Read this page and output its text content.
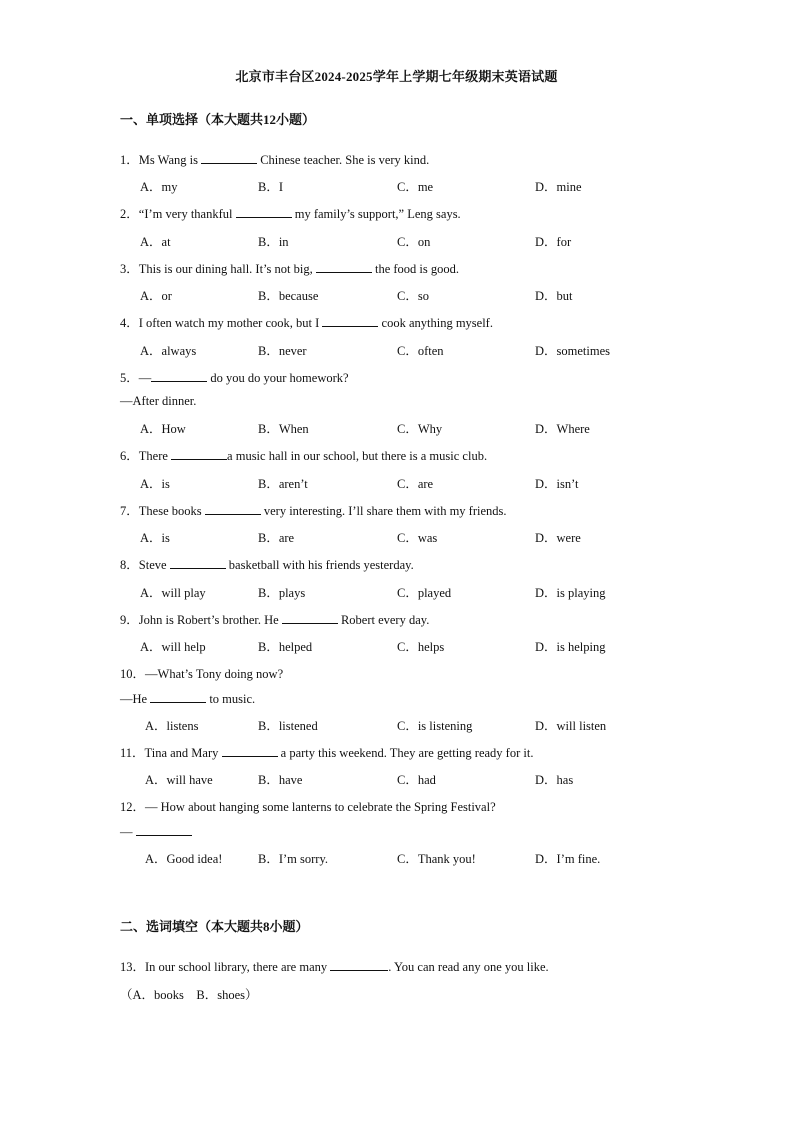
北京市丰台区2024-2025学年上学期七年级期末英语试题
一、单项选择（本大题共12小题）
1．Ms Wang is	Chinese teacher. She is very kind.
A．my	B．I	C．me	D．mine
2．“I’m very thankful	my family’s support,” Leng says.
A．at	B．in	C．on	D．for
3．This is our dining hall. It’s not big,	the food is good.
A．or	B．because	C．so	D．but
4．I often watch my mother cook, but I	cook anything myself.
A．always	B．never	C．often	D．sometimes
5．—	do you do your homework?
—After dinner.
A．How	B．When	C．Why	D．Where
6．There	a music hall in our school, but there is a music club.
A．is	B．aren’t	C．are	D．isn’t
7．These books	very interesting. I’ll share them with my friends.
A．is	B．are	C．was	D．were
8．Steve	basketball with his friends yesterday.
A．will play	B．plays	C．played	D．is playing
9．John is Robert’s brother. He	Robert every day.
A．will help	B．helped	C．helps	D．is helping
10．—What’s Tony doing now?
—He	to music.
A．listens	B．listened	C．is listening	D．will listen
11．Tina and Mary	a party this weekend. They are getting ready for it.
A．will have	B．have	C．had	D．has
12．— How about hanging some lanterns to celebrate the Spring Festival?
—
A．Good idea!	B．I’m sorry.	C．Thank you!	D．I’m fine.
二、选词填空（本大题共8小题）
13．In our school library, there are many	. You can read any one you like.
（A．books　B．shoes）
